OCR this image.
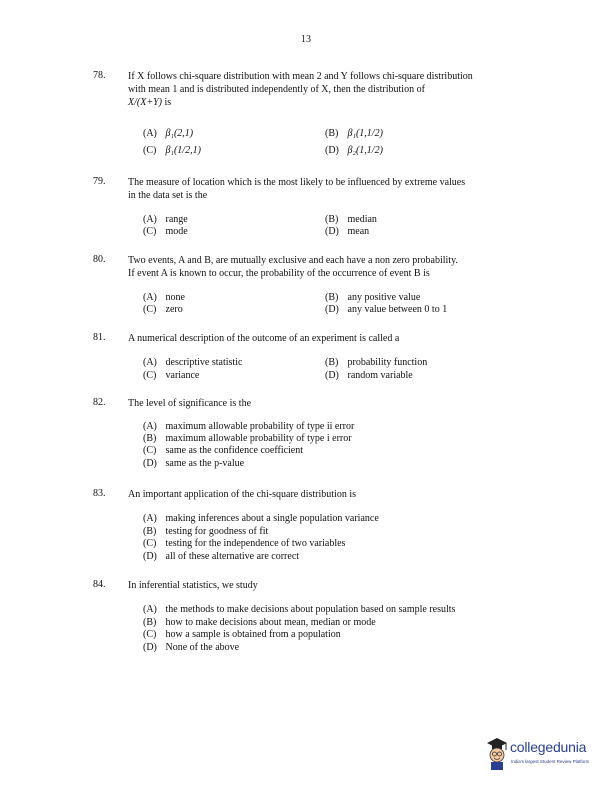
13
78. If X follows chi-square distribution with mean 2 and Y follows chi-square distribution
with mean 1 and is distributed independently of X, then the distribution of
X/(X+Y) is
(A) β₁(2,1)	(B) β₁(1,1/2)
(C) β₁(1/2,1)	(D) β₂(1,1/2)
79. The measure of location which is the most likely to be influenced by extreme values
in the data set is the
(A) range	(B) median
(C) mode	(D) mean
80. Two events, A and B, are mutually exclusive and each have a non zero probability.
If event A is known to occur, the probability of the occurrence of event B is
(A) none	(B) any positive value
(C) zero	(D) any value between 0 to 1
81. A numerical description of the outcome of an experiment is called a
(A) descriptive statistic	(B) probability function
(C) variance	(D) random variable
82. The level of significance is the
(A) maximum allowable probability of type ii error
(B) maximum allowable probability of type i error
(C) same as the confidence coefficient
(D) same as the p-value
83. An important application of the chi-square distribution is
(A) making inferences about a single population variance
(B) testing for goodness of fit
(C) testing for the independence of two variables
(D) all of these alternative are correct
84. In inferential statistics, we study
(A) the methods to make decisions about population based on sample results
(B) how to make decisions about mean, median or mode
(C) how a sample is obtained from a population
(D) None of the above
collegedunia
India's largest Student Review Platform
